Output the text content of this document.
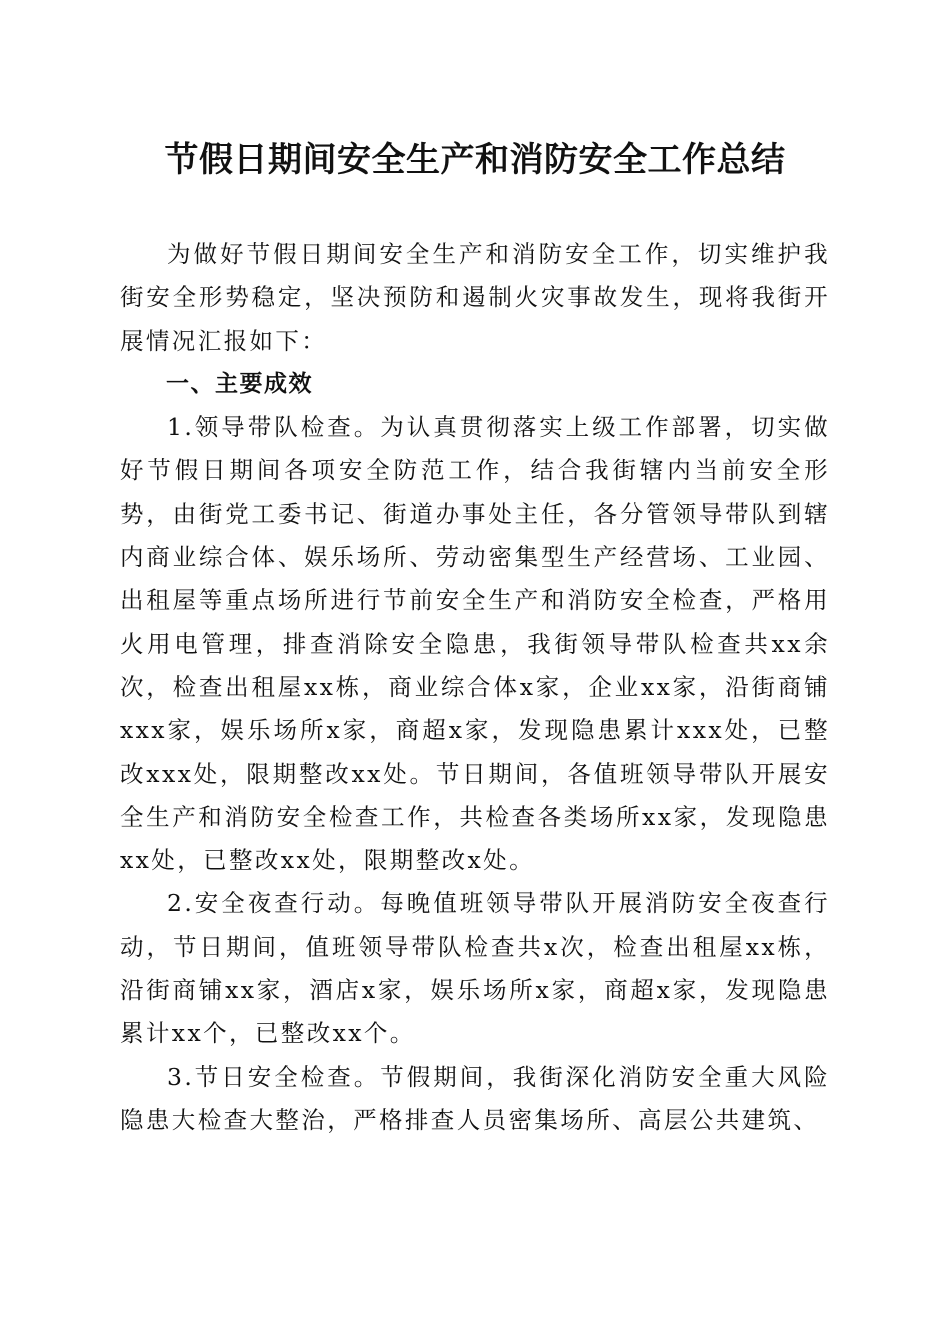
节假日期间安全生产和消防安全工作总结

为做好节假日期间安全生产和消防安全工作，切实维护我街安全形势稳定，坚决预防和遏制火灾事故发生，现将我街开展情况汇报如下：

一、主要成效

1.领导带队检查。为认真贯彻落实上级工作部署，切实做好节假日期间各项安全防范工作，结合我街辖内当前安全形势，由街党工委书记、街道办事处主任，各分管领导带队到辖内商业综合体、娱乐场所、劳动密集型生产经营场、工业园、出租屋等重点场所进行节前安全生产和消防安全检查，严格用火用电管理，排查消除安全隐患，我街领导带队检查共xx余次，检查出租屋xx栋，商业综合体x家，企业xx家，沿街商铺xxx家，娱乐场所x家，商超x家，发现隐患累计xxx处，已整改xxx处，限期整改xx处。节日期间，各值班领导带队开展安全生产和消防安全检查工作，共检查各类场所xx家，发现隐患xx处，已整改xx处，限期整改x处。

2.安全夜查行动。每晚值班领导带队开展消防安全夜查行动，节日期间，值班领导带队检查共x次，检查出租屋xx栋，沿街商铺xx家，酒店x家，娱乐场所x家，商超x家，发现隐患累计xx个，已整改xx个。

3.节日安全检查。节假期间，我街深化消防安全重大风险隐患大检查大整治，严格排查人员密集场所、高层公共建筑、
